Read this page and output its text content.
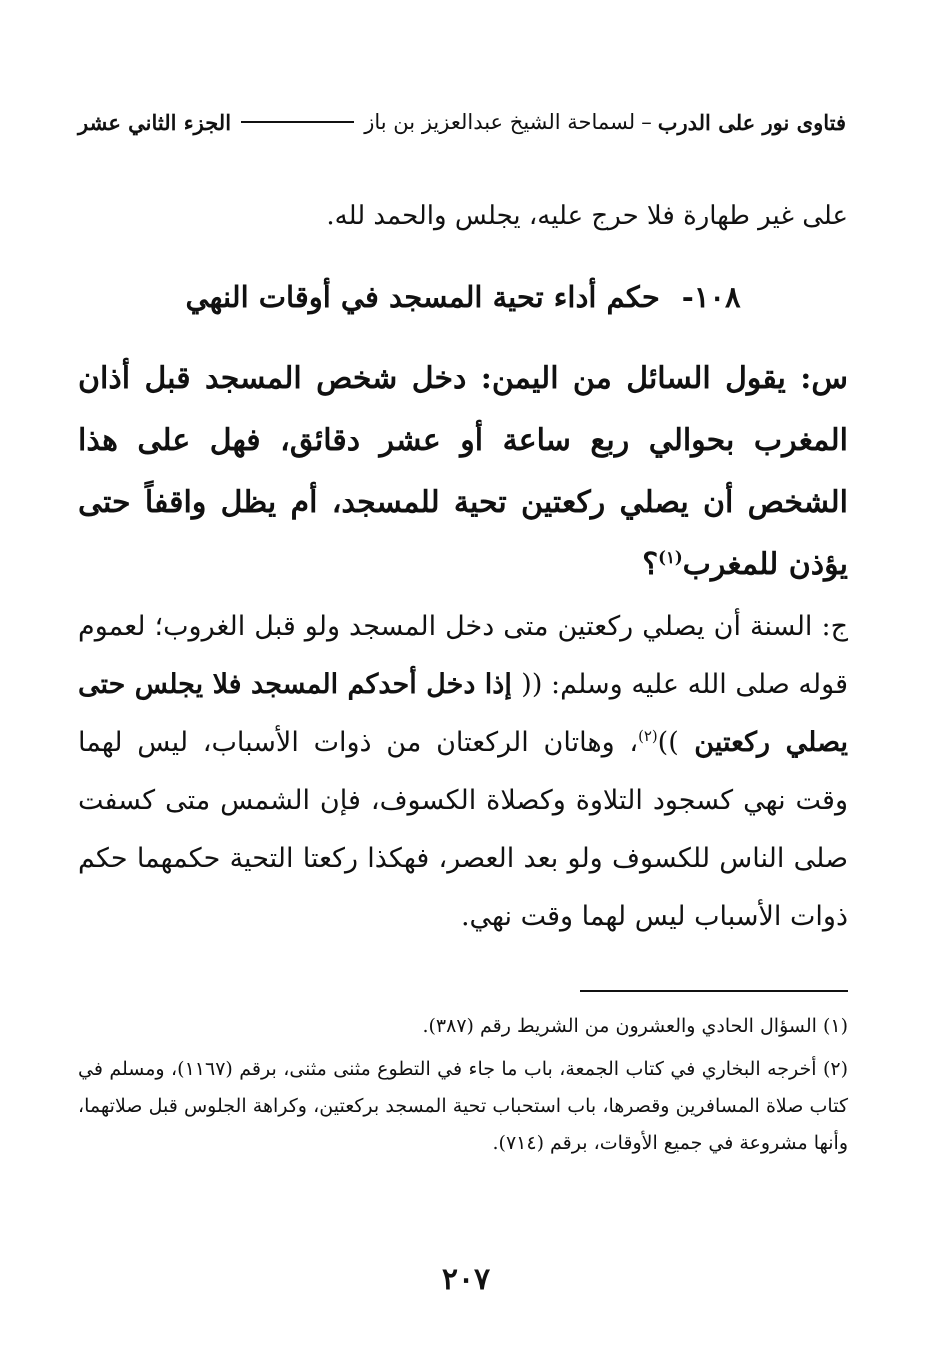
فتاوى نور على الدرب
–
لسماحة الشيخ عبدالعزيز بن باز
الجزء الثاني عشر
على غير طهارة فلا حرج عليه، يجلس والحمد لله.
١٠٨-حكم أداء تحية المسجد في أوقات النهي
س: يقول السائل من اليمن: دخل شخص المسجد قبل أذان المغرب بحوالي ربع ساعة أو عشر دقائق، فهل على هذا الشخص أن يصلي ركعتين تحية للمسجد، أم يظل واقفاً حتى يؤذن للمغرب$^{(١)}$؟
ج: السنة أن يصلي ركعتين متى دخل المسجد ولو قبل الغروب؛ لعموم قوله صلى الله عليه وسلم: (( إذا دخل أحدكم المسجد فلا يجلس حتى يصلي ركعتين ))$^{(٢)}$، وهاتان الركعتان من ذوات الأسباب، ليس لهما وقت نهي كسجود التلاوة وكصلاة الكسوف، فإن الشمس متى كسفت صلى الناس للكسوف ولو بعد العصر، فهكذا ركعتا التحية حكمهما حكم ذوات الأسباب ليس لهما وقت نهي.

(١) السؤال الحادي والعشرون من الشريط رقم (٣٨٧).

(٢) أخرجه البخاري في كتاب الجمعة، باب ما جاء في التطوع مثنى مثنى، برقم (١١٦٧)، ومسلم في كتاب صلاة المسافرين وقصرها، باب استحباب تحية المسجد بركعتين، وكراهة الجلوس قبل صلاتهما، وأنها مشروعة في جميع الأوقات، برقم (٧١٤).

٢٠٧
